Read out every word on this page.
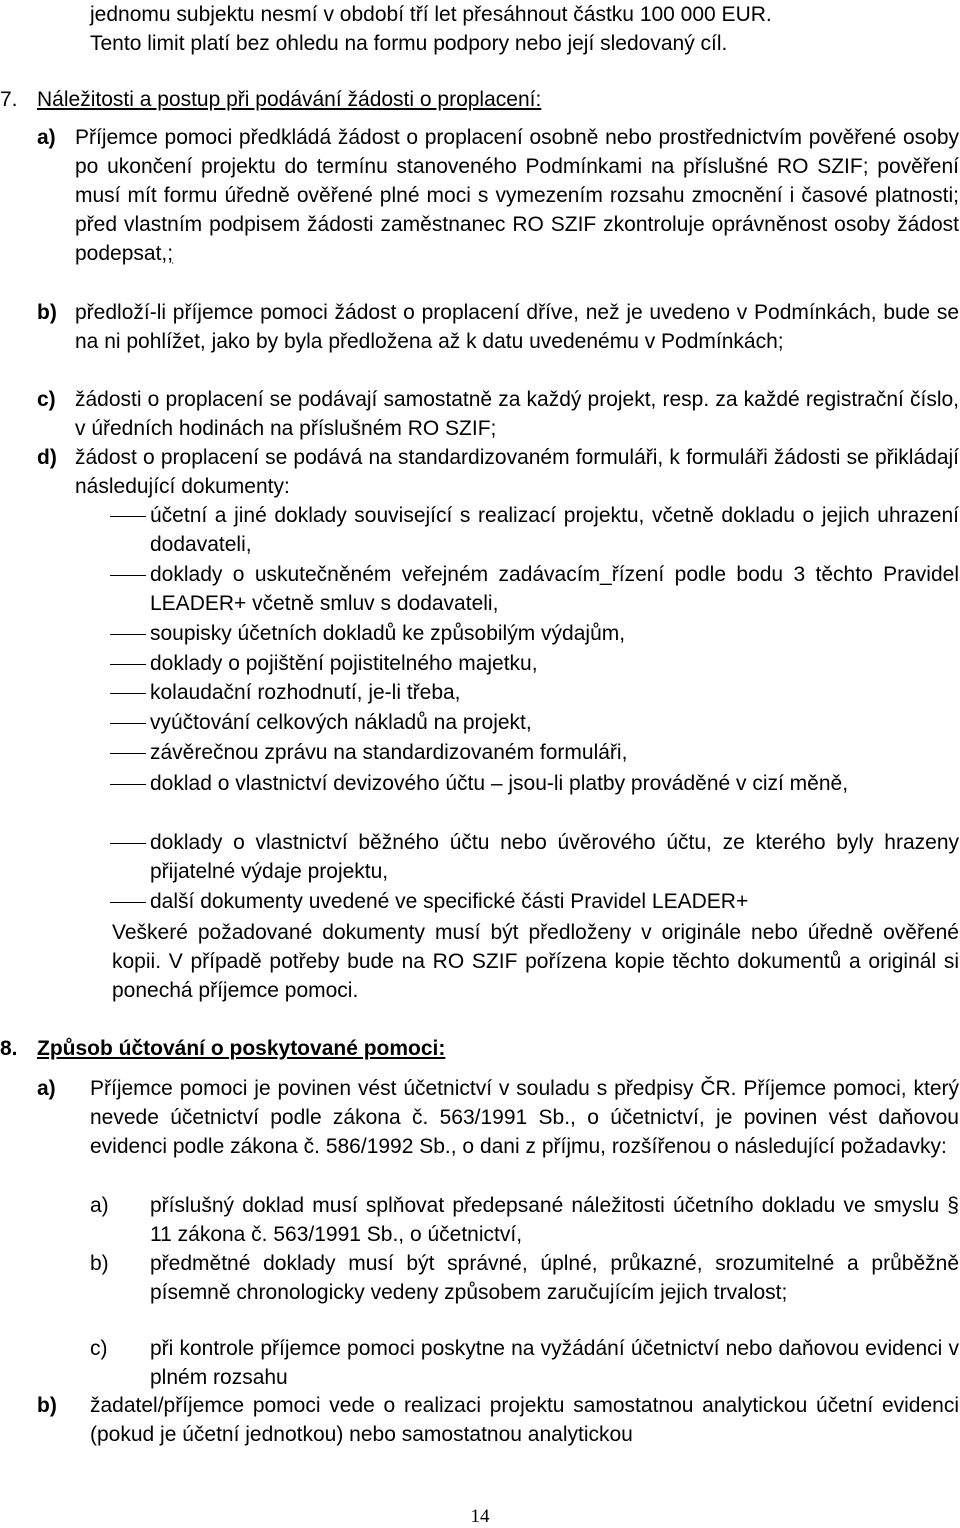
jednomu subjektu nesmí v období tří let přesáhnout částku 100 000 EUR.
Tento limit platí bez ohledu na formu podpory nebo její sledovaný cíl.
7. Náležitosti a postup při podávání žádosti o proplacení:
a) Příjemce pomoci předkládá žádost o proplacení osobně nebo prostřednictvím pověřené osoby po ukončení projektu do termínu stanoveného Podmínkami na příslušné RO SZIF; pověření musí mít formu úředně ověřené plné moci s vymezením rozsahu zmocnění i časové platnosti; před vlastním podpisem žádosti zaměstnanec RO SZIF zkontroluje oprávněnost osoby žádost podepsat,;
b) předloží-li příjemce pomoci žádost o proplacení dříve, než je uvedeno v Podmínkách, bude se na ni pohlížet, jako by byla předložena až k datu uvedenému v Podmínkách;
c) žádosti o proplacení se podávají samostatně za každý projekt, resp. za každé registrační číslo, v úředních hodinách na příslušném RO SZIF;
d) žádost o proplacení se podává na standardizovaném formuláři, k formuláři žádosti se přikládají následující dokumenty:
účetní a jiné doklady související s realizací projektu, včetně dokladu o jejich uhrazení dodavateli,
doklady o uskutečněném veřejném zadávacím_řízení podle bodu 3 těchto Pravidel LEADER+ včetně smluv s dodavateli,
soupisky účetních dokladů ke způsobilým výdajům,
doklady o pojištění pojistitelného majetku,
kolaudační rozhodnutí, je-li třeba,
vyúčtování celkových nákladů na projekt,
závěrečnou zprávu na standardizovaném formuláři,
doklad o vlastnictví devizového účtu – jsou-li platby prováděné v cizí měně,
doklady o vlastnictví běžného účtu nebo úvěrového účtu, ze kterého byly hrazeny přijatelné výdaje projektu,
další dokumenty uvedené ve specifické části Pravidel LEADER+
Veškeré požadované dokumenty musí být předloženy v originále nebo úředně ověřené kopii. V případě potřeby bude na RO SZIF pořízena kopie těchto dokumentů a originál si ponechá příjemce pomoci.
8. Způsob účtování o poskytované pomoci:
a) Příjemce pomoci je povinen vést účetnictví v souladu s předpisy ČR. Příjemce pomoci, který nevede účetnictví podle zákona č. 563/1991 Sb., o účetnictví, je povinen vést daňovou evidenci podle zákona č. 586/1992 Sb., o dani z příjmu, rozšířenou o následující požadavky:
a) příslušný doklad musí splňovat předepsané náležitosti účetního dokladu ve smyslu § 11 zákona č. 563/1991 Sb., o účetnictví,
b) předmětné doklady musí být správné, úplné, průkazné, srozumitelné a průběžně písemně chronologicky vedeny způsobem zaručujícím jejich trvalost;
c) při kontrole příjemce pomoci poskytne na vyžádání účetnictví nebo daňovou evidenci v plném rozsahu
b) žadatel/příjemce pomoci vede o realizaci projektu samostatnou analytickou účetní evidenci (pokud je účetní jednotkou) nebo samostatnou analytickou
14
